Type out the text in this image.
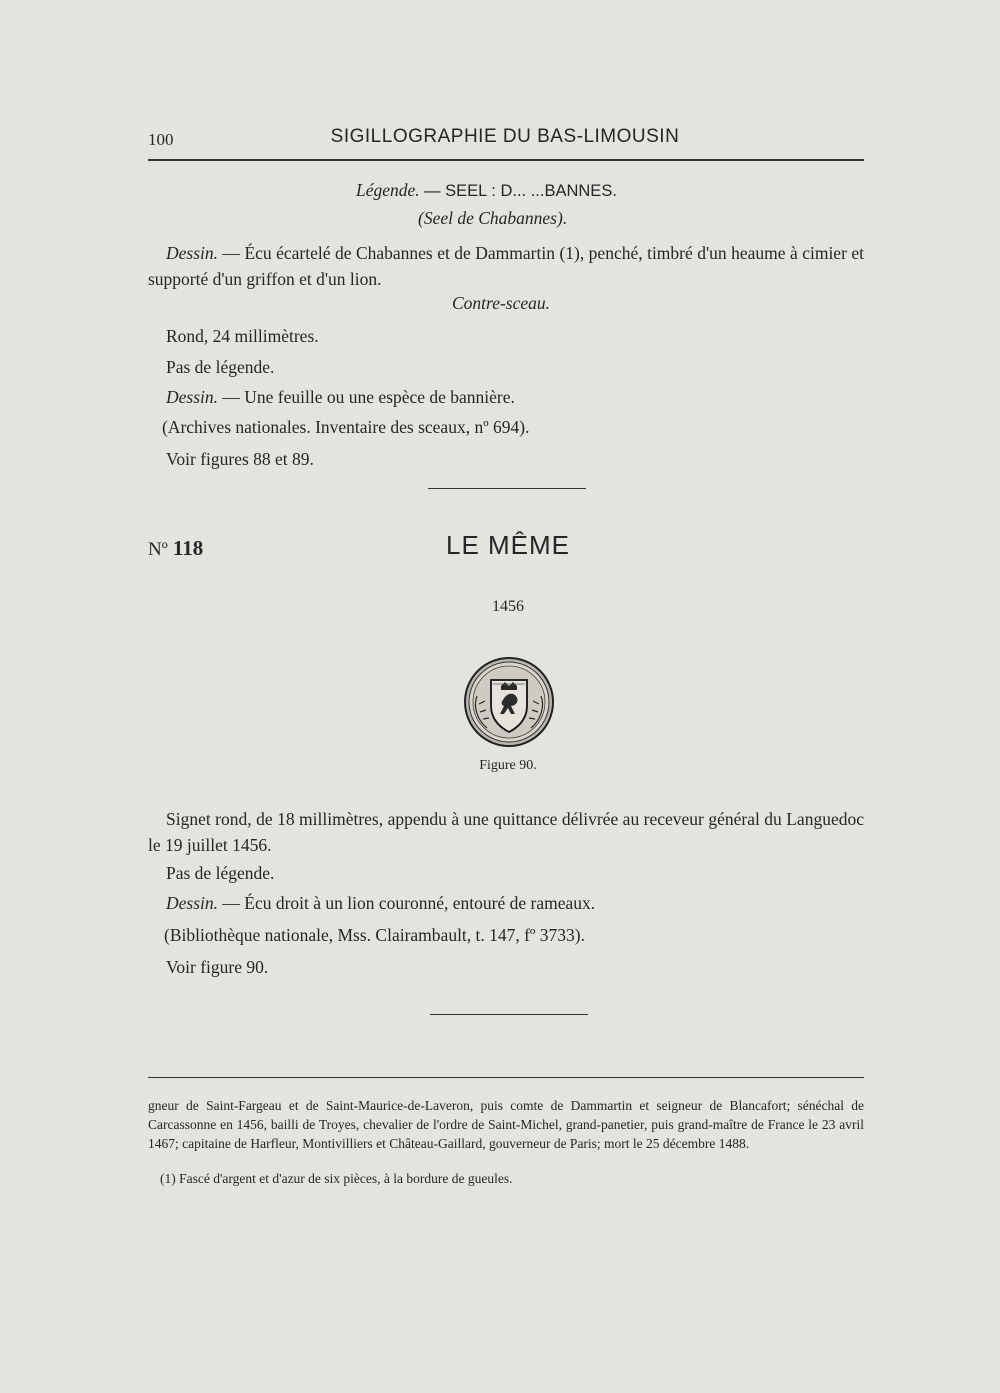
100	SIGILLOGRAPHIE DU BAS-LIMOUSIN
Légende. — SEEL : D... ...BANNES.
(Seel de Chabannes).
Dessin. — Écu écartelé de Chabannes et de Dammartin (1), penché, timbré d'un heaume à cimier et supporté d'un griffon et d'un lion.
Contre-sceau.
Rond, 24 millimètres.
Pas de légende.
Dessin. — Une feuille ou une espèce de bannière.
(Archives nationales. Inventaire des sceaux, nº 694).
Voir figures 88 et 89.
Nº 118	LE MÊME
1456
Figure 90.
Signet rond, de 18 millimètres, appendu à une quittance délivrée au receveur général du Languedoc le 19 juillet 1456.
Pas de légende.
Dessin. — Écu droit à un lion couronné, entouré de rameaux.
(Bibliothèque nationale, Mss. Clairambault, t. 147, fº 3733).
Voir figure 90.
gneur de Saint-Fargeau et de Saint-Maurice-de-Laveron, puis comte de Dammartin et seigneur de Blancafort; sénéchal de Carcassonne en 1456, bailli de Troyes, chevalier de l'ordre de Saint-Michel, grand-panetier, puis grand-maître de France le 23 avril 1467; capitaine de Harfleur, Montivilliers et Château-Gaillard, gouverneur de Paris; mort le 25 décembre 1488.
(1) Fascé d'argent et d'azur de six pièces, à la bordure de gueules.
